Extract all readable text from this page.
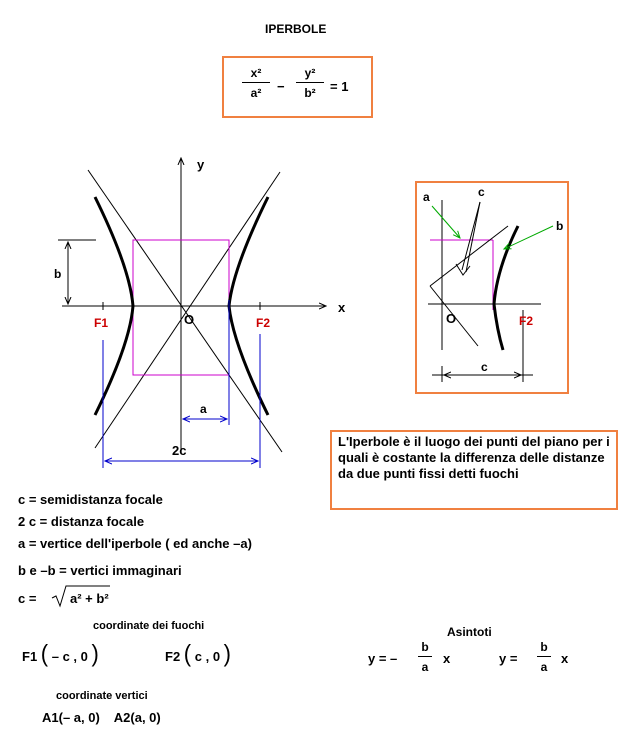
IPERBOLE
x²
a²	−
y²
b²	= 1
y
x
O
F1	F2
b
a
2c
a	c
b
O	F2
c
L'Iperbole è il luogo dei punti del piano per i quali è costante la differenza delle distanze da due punti fissi detti fuochi
c = semidistanza focale
2 c = distanza focale
a = vertice dell'iperbole ( ed anche –a)
b e –b = vertici immaginari
c =	a² + b²
coordinate dei fuochi
F1 ( – c , 0 )	F2 ( c , 0 )
Asintoti
y = –
b
a
x	y =
b
a
x
coordinate vertici
A1(– a, 0)    A2(a, 0)
